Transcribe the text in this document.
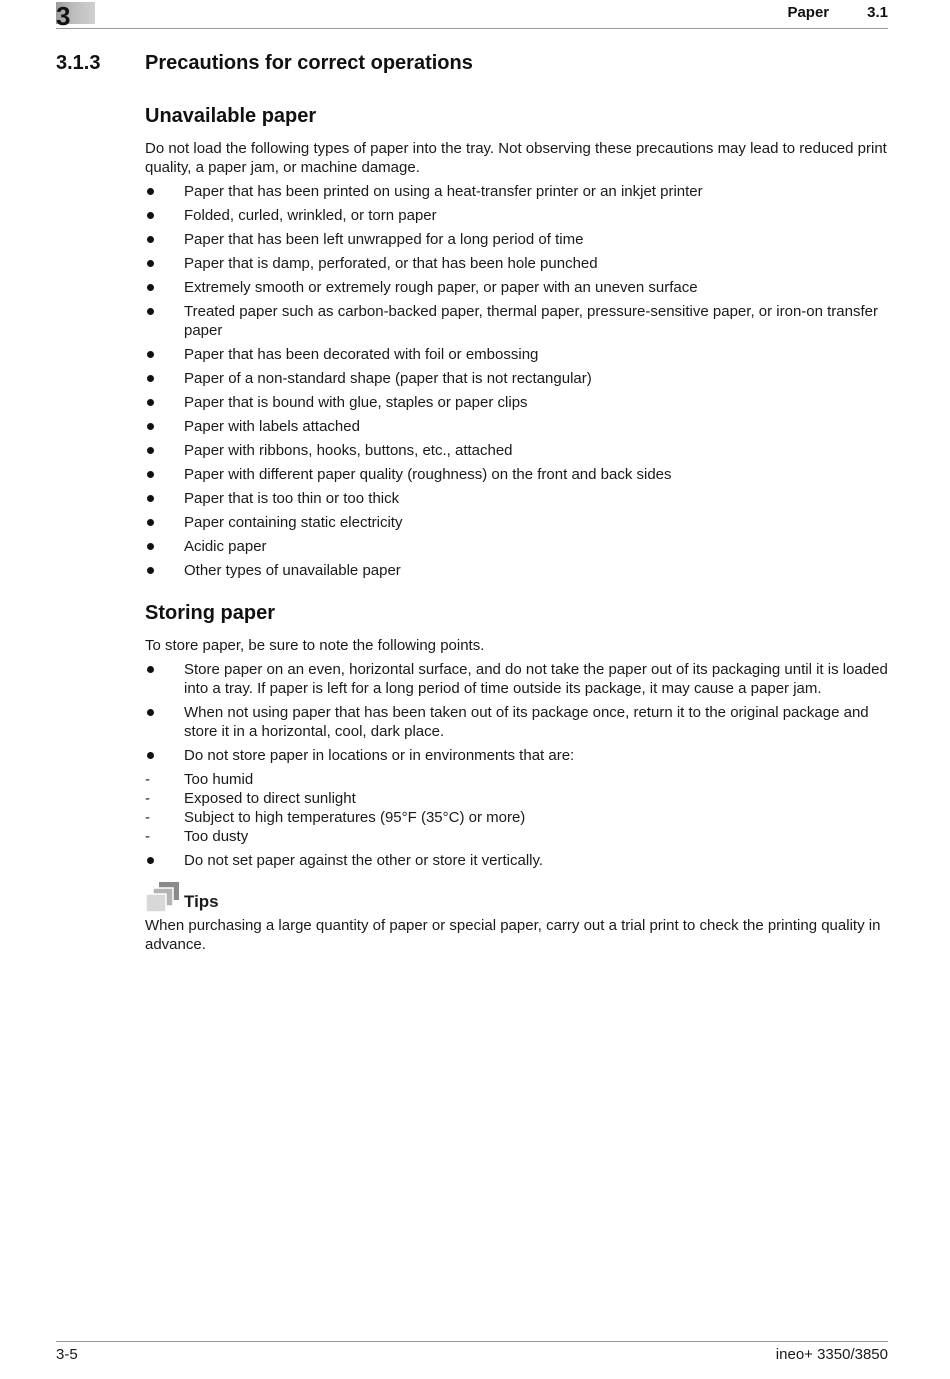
3	Paper	3.1
3.1.3	Precautions for correct operations
Unavailable paper

Do not load the following types of paper into the tray. Not observing these precautions may lead to reduced print quality, a paper jam, or machine damage.

Paper that has been printed on using a heat-transfer printer or an inkjet printer
Folded, curled, wrinkled, or torn paper
Paper that has been left unwrapped for a long period of time
Paper that is damp, perforated, or that has been hole punched
Extremely smooth or extremely rough paper, or paper with an uneven surface
Treated paper such as carbon-backed paper, thermal paper, pressure-sensitive paper, or iron-on transfer paper
Paper that has been decorated with foil or embossing
Paper of a non-standard shape (paper that is not rectangular)
Paper that is bound with glue, staples or paper clips
Paper with labels attached
Paper with ribbons, hooks, buttons, etc., attached
Paper with different paper quality (roughness) on the front and back sides
Paper that is too thin or too thick
Paper containing static electricity
Acidic paper
Other types of unavailable paper
Storing paper

To store paper, be sure to note the following points.

Store paper on an even, horizontal surface, and do not take the paper out of its packaging until it is loaded into a tray. If paper is left for a long period of time outside its package, it may cause a paper jam.
When not using paper that has been taken out of its package once, return it to the original package and store it in a horizontal, cool, dark place.
Do not store paper in locations or in environments that are:
- Too humid
- Exposed to direct sunlight
- Subject to high temperatures (95°F (35°C) or more)
- Too dusty
Do not set paper against the other or store it vertically.
Tips

When purchasing a large quantity of paper or special paper, carry out a trial print to check the printing quality in advance.

3-5	ineo+ 3350/3850
